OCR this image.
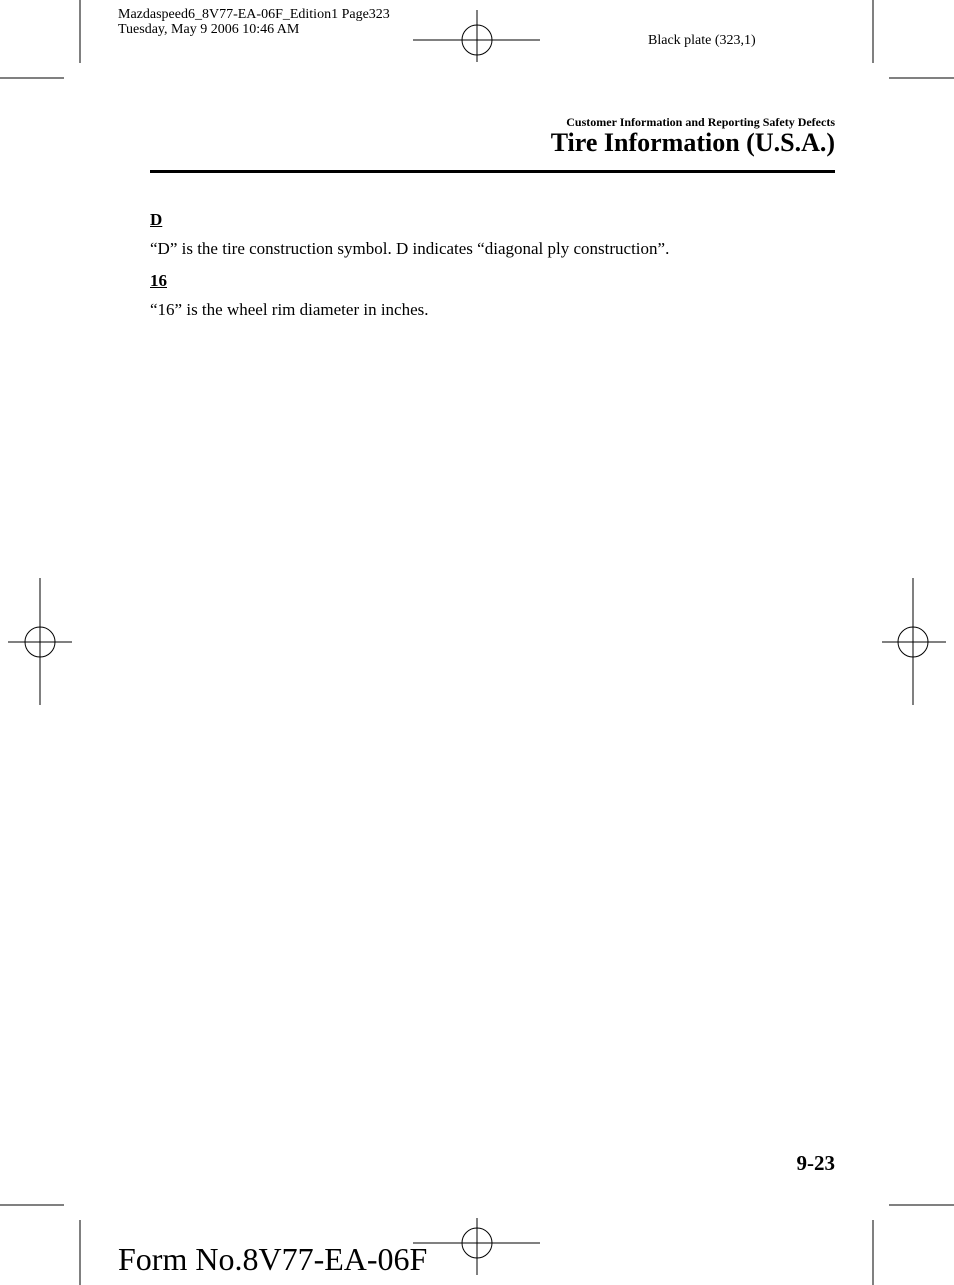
Mazdaspeed6_8V77-EA-06F_Edition1 Page323
Tuesday, May 9 2006 10:46 AM
Black plate (323,1)
Customer Information and Reporting Safety Defects
Tire Information (U.S.A.)
D
“D” is the tire construction symbol. D indicates “diagonal ply construction”.
16
“16” is the wheel rim diameter in inches.
9-23
Form No.8V77-EA-06F
